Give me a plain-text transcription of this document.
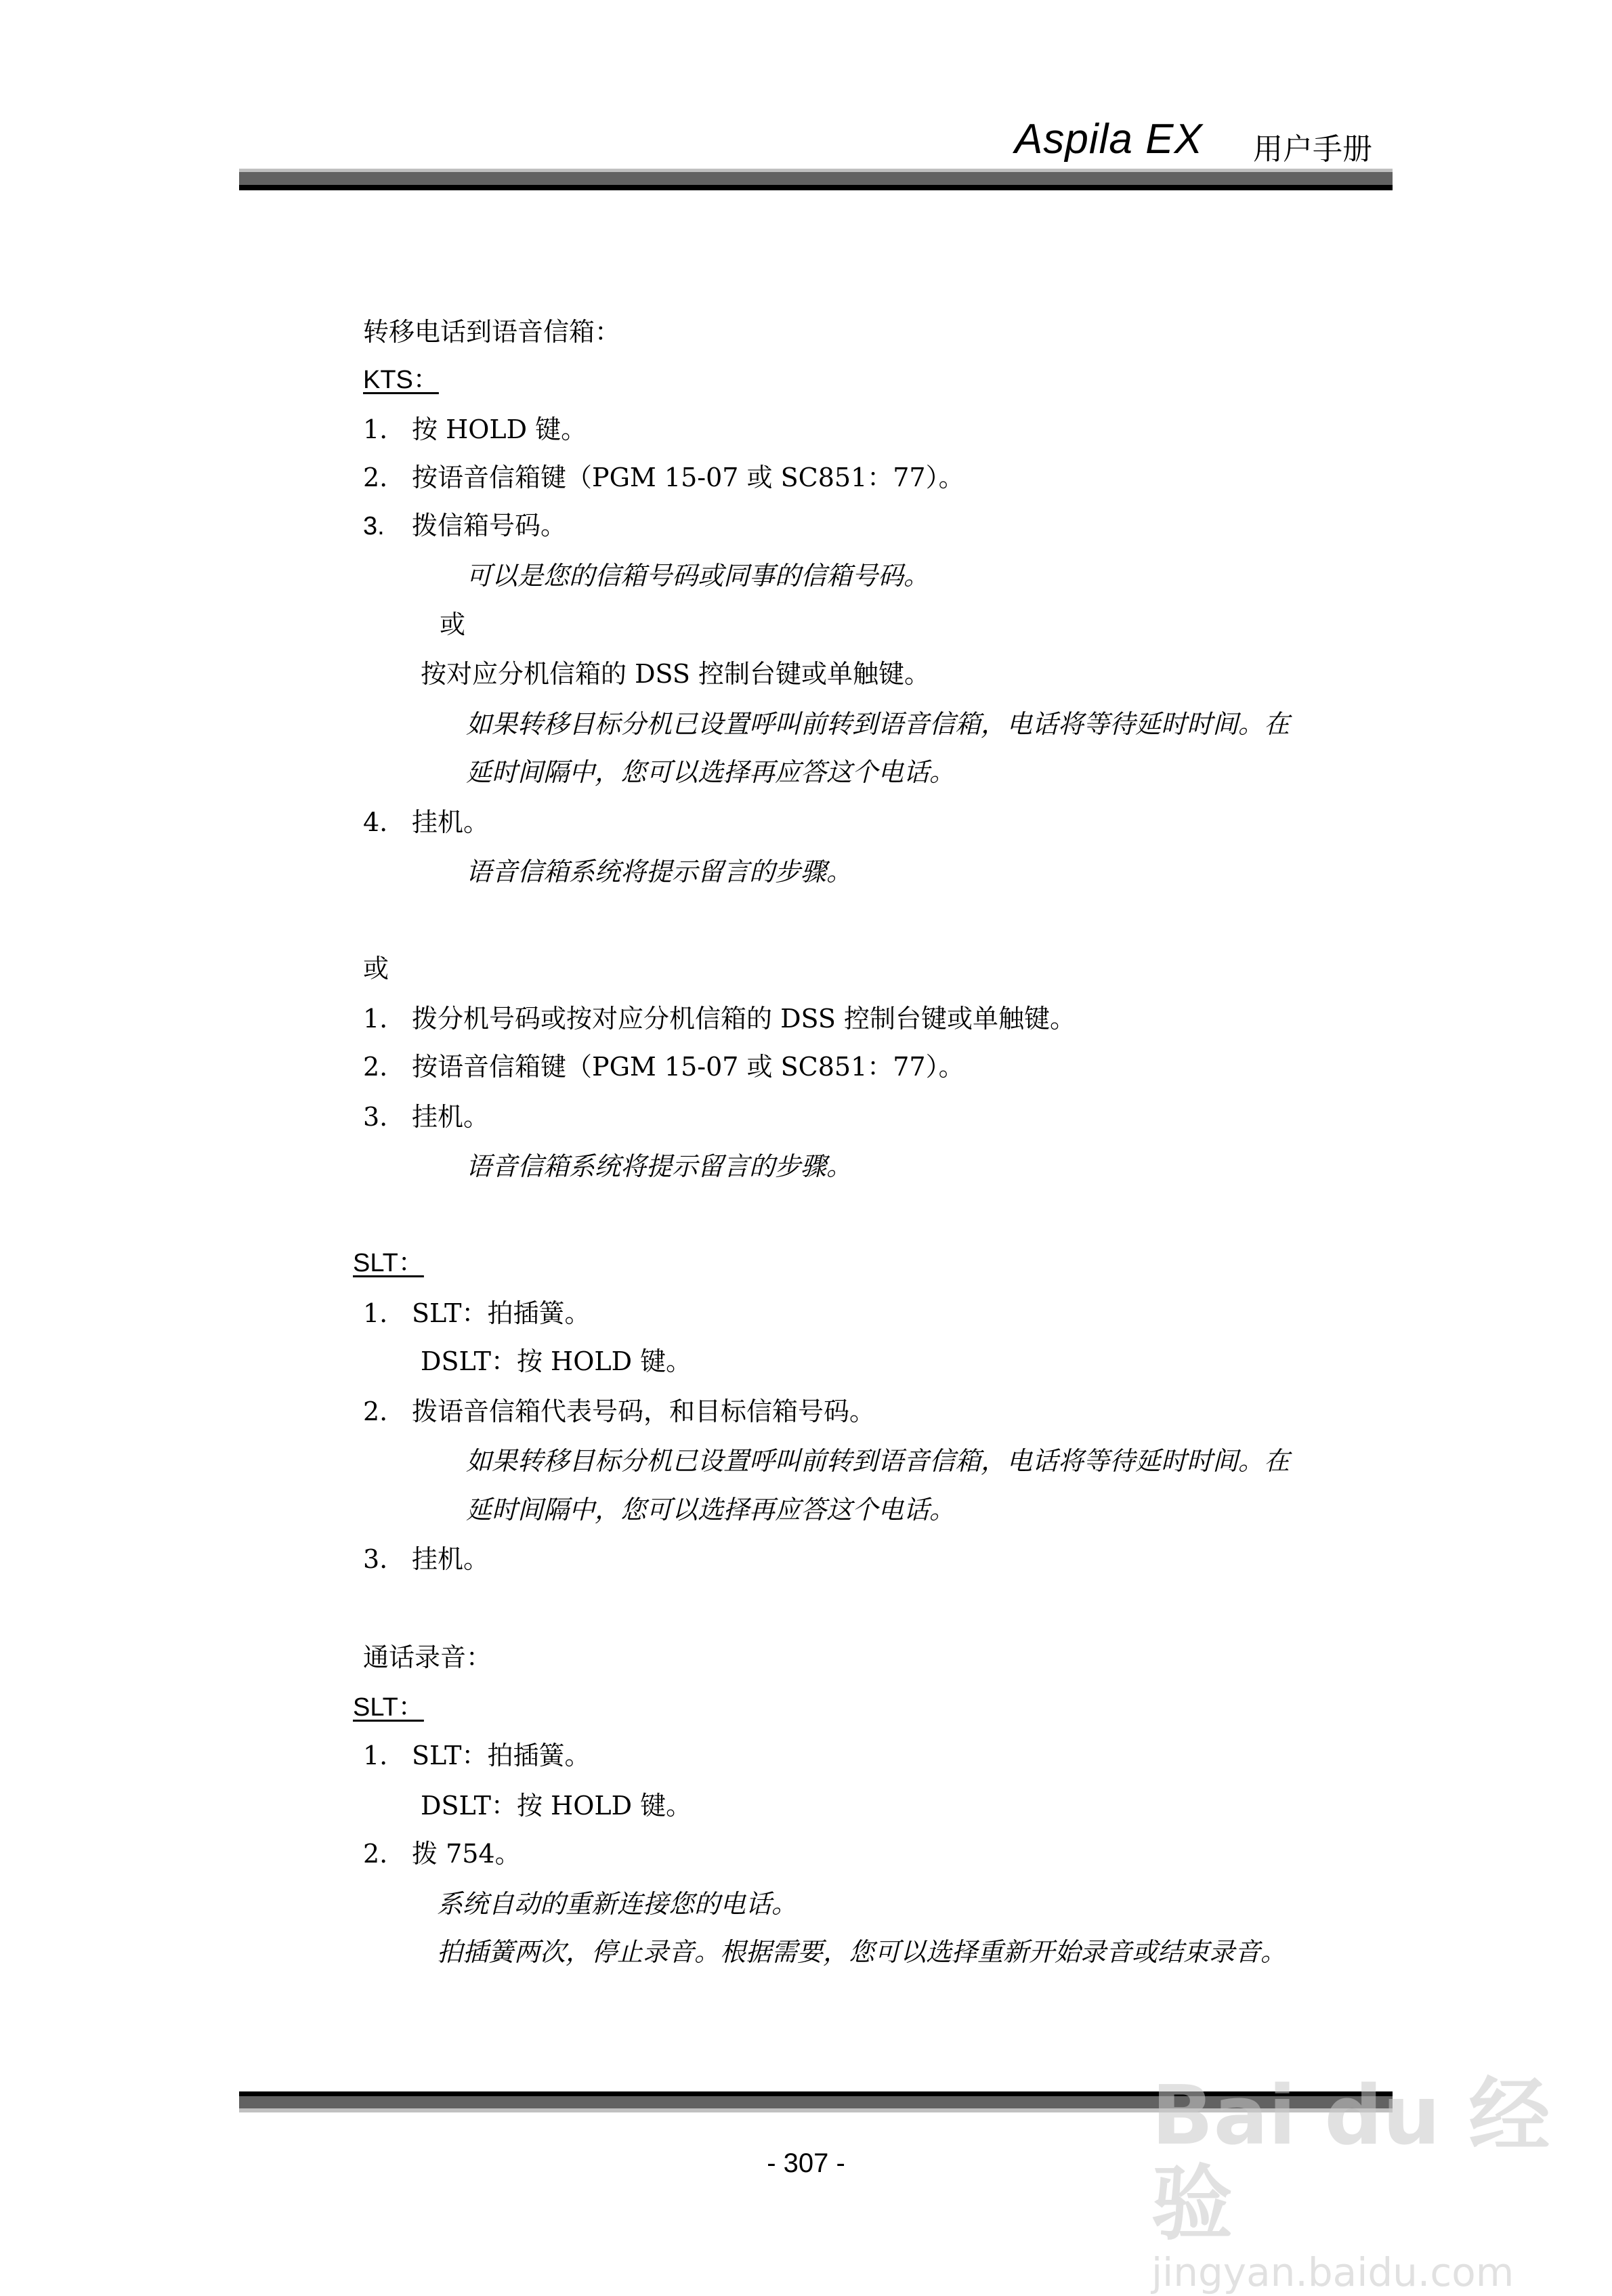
Aspila EX 用户手册
转移电话到语音信箱：
KTS：
1. 按 HOLD 键。
2. 按语音信箱键（PGM 15-07 或 SC851：77）。
3. 拨信箱号码。
可以是您的信箱号码或同事的信箱号码。
或
按对应分机信箱的 DSS 控制台键或单触键。
如果转移目标分机已设置呼叫前转到语音信箱，电话将等待延时时间。在
延时间隔中，您可以选择再应答这个电话。
4. 挂机。
语音信箱系统将提示留言的步骤。
或
1. 拨分机号码或按对应分机信箱的 DSS 控制台键或单触键。
2. 按语音信箱键（PGM 15-07 或 SC851：77）。
3. 挂机。
语音信箱系统将提示留言的步骤。
SLT：
1. SLT：拍插簧。
DSLT：按 HOLD 键。
2. 拨语音信箱代表号码，和目标信箱号码。
如果转移目标分机已设置呼叫前转到语音信箱，电话将等待延时时间。在
延时间隔中，您可以选择再应答这个电话。
3. 挂机。
通话录音：
SLT：
1. SLT：拍插簧。
DSLT：按 HOLD 键。
2. 拨 754。
系统自动的重新连接您的电话。
拍插簧两次，停止录音。根据需要，您可以选择重新开始录音或结束录音。
- 307 -	Bai du 经验
jingyan.baidu.com
